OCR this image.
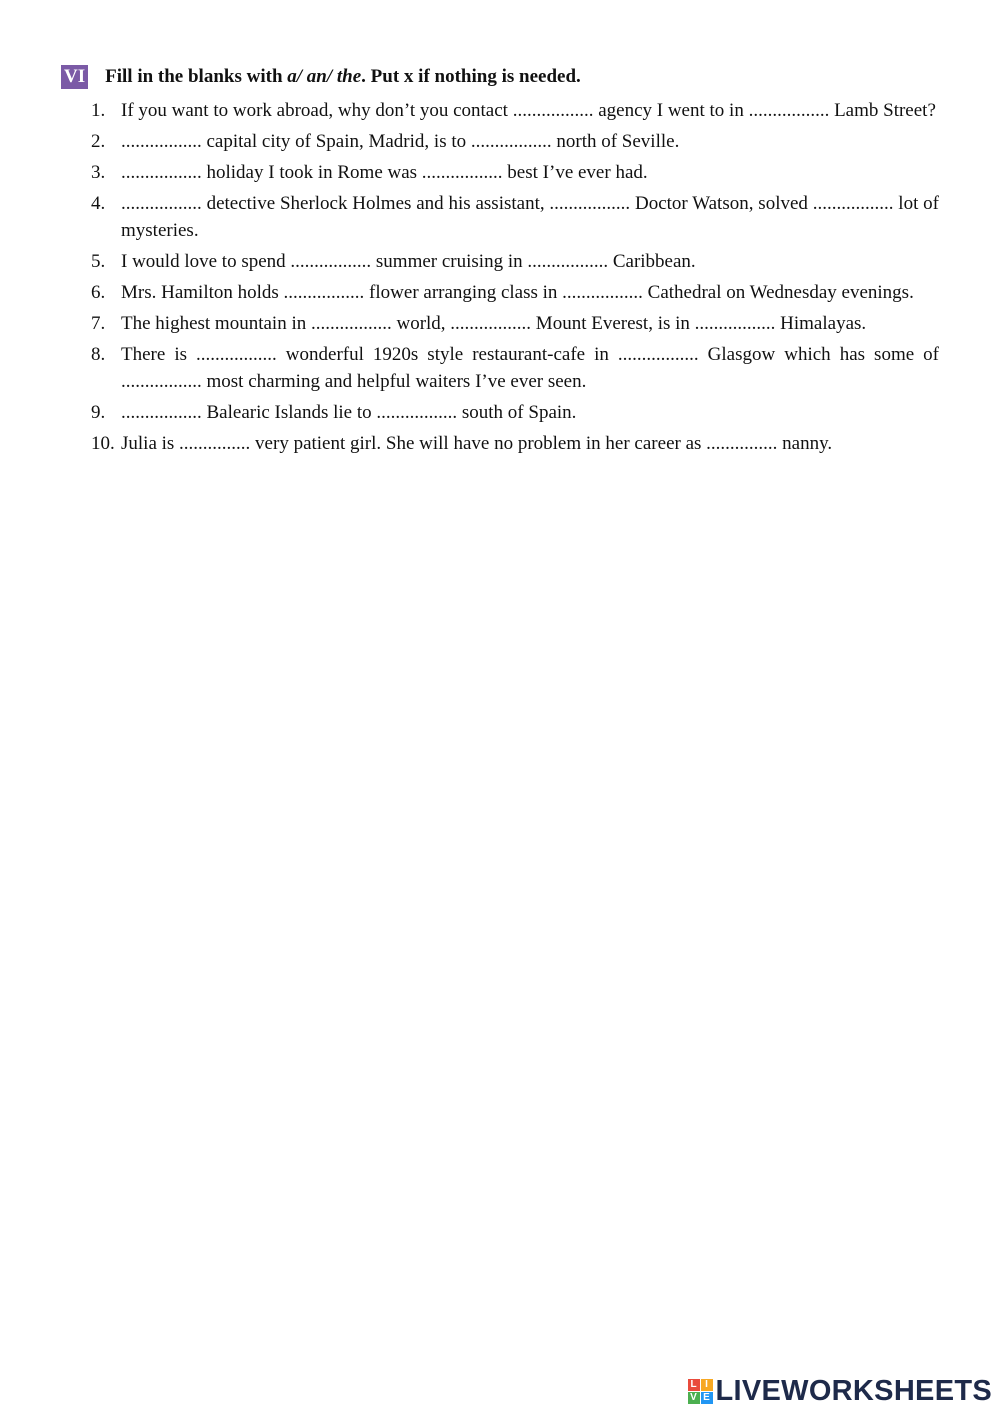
VI Fill in the blanks with a/ an/ the. Put x if nothing is needed.
1. If you want to work abroad, why don’t you contact ................. agency I went to in ................. Lamb Street?
2. ................. capital city of Spain, Madrid, is to ................. north of Seville.
3. ................. holiday I took in Rome was ................. best I’ve ever had.
4. ................. detective Sherlock Holmes and his assistant, ................. Doctor Watson, solved ................. lot of mysteries.
5. I would love to spend ................. summer cruising in ................. Caribbean.
6. Mrs. Hamilton holds ................. flower arranging class in ................. Cathedral on Wednesday evenings.
7. The highest mountain in ................. world, ................. Mount Everest, is in ................. Himalayas.
8. There is ................. wonderful 1920s style restaurant-cafe in ................. Glasgow which has some of ................. most charming and helpful waiters I’ve ever seen.
9. ................. Balearic Islands lie to ................. south of Spain.
10. Julia is ............... very patient girl. She will have no problem in her career as ............... nanny.
L I
V E LIVEWORKSHEETS
